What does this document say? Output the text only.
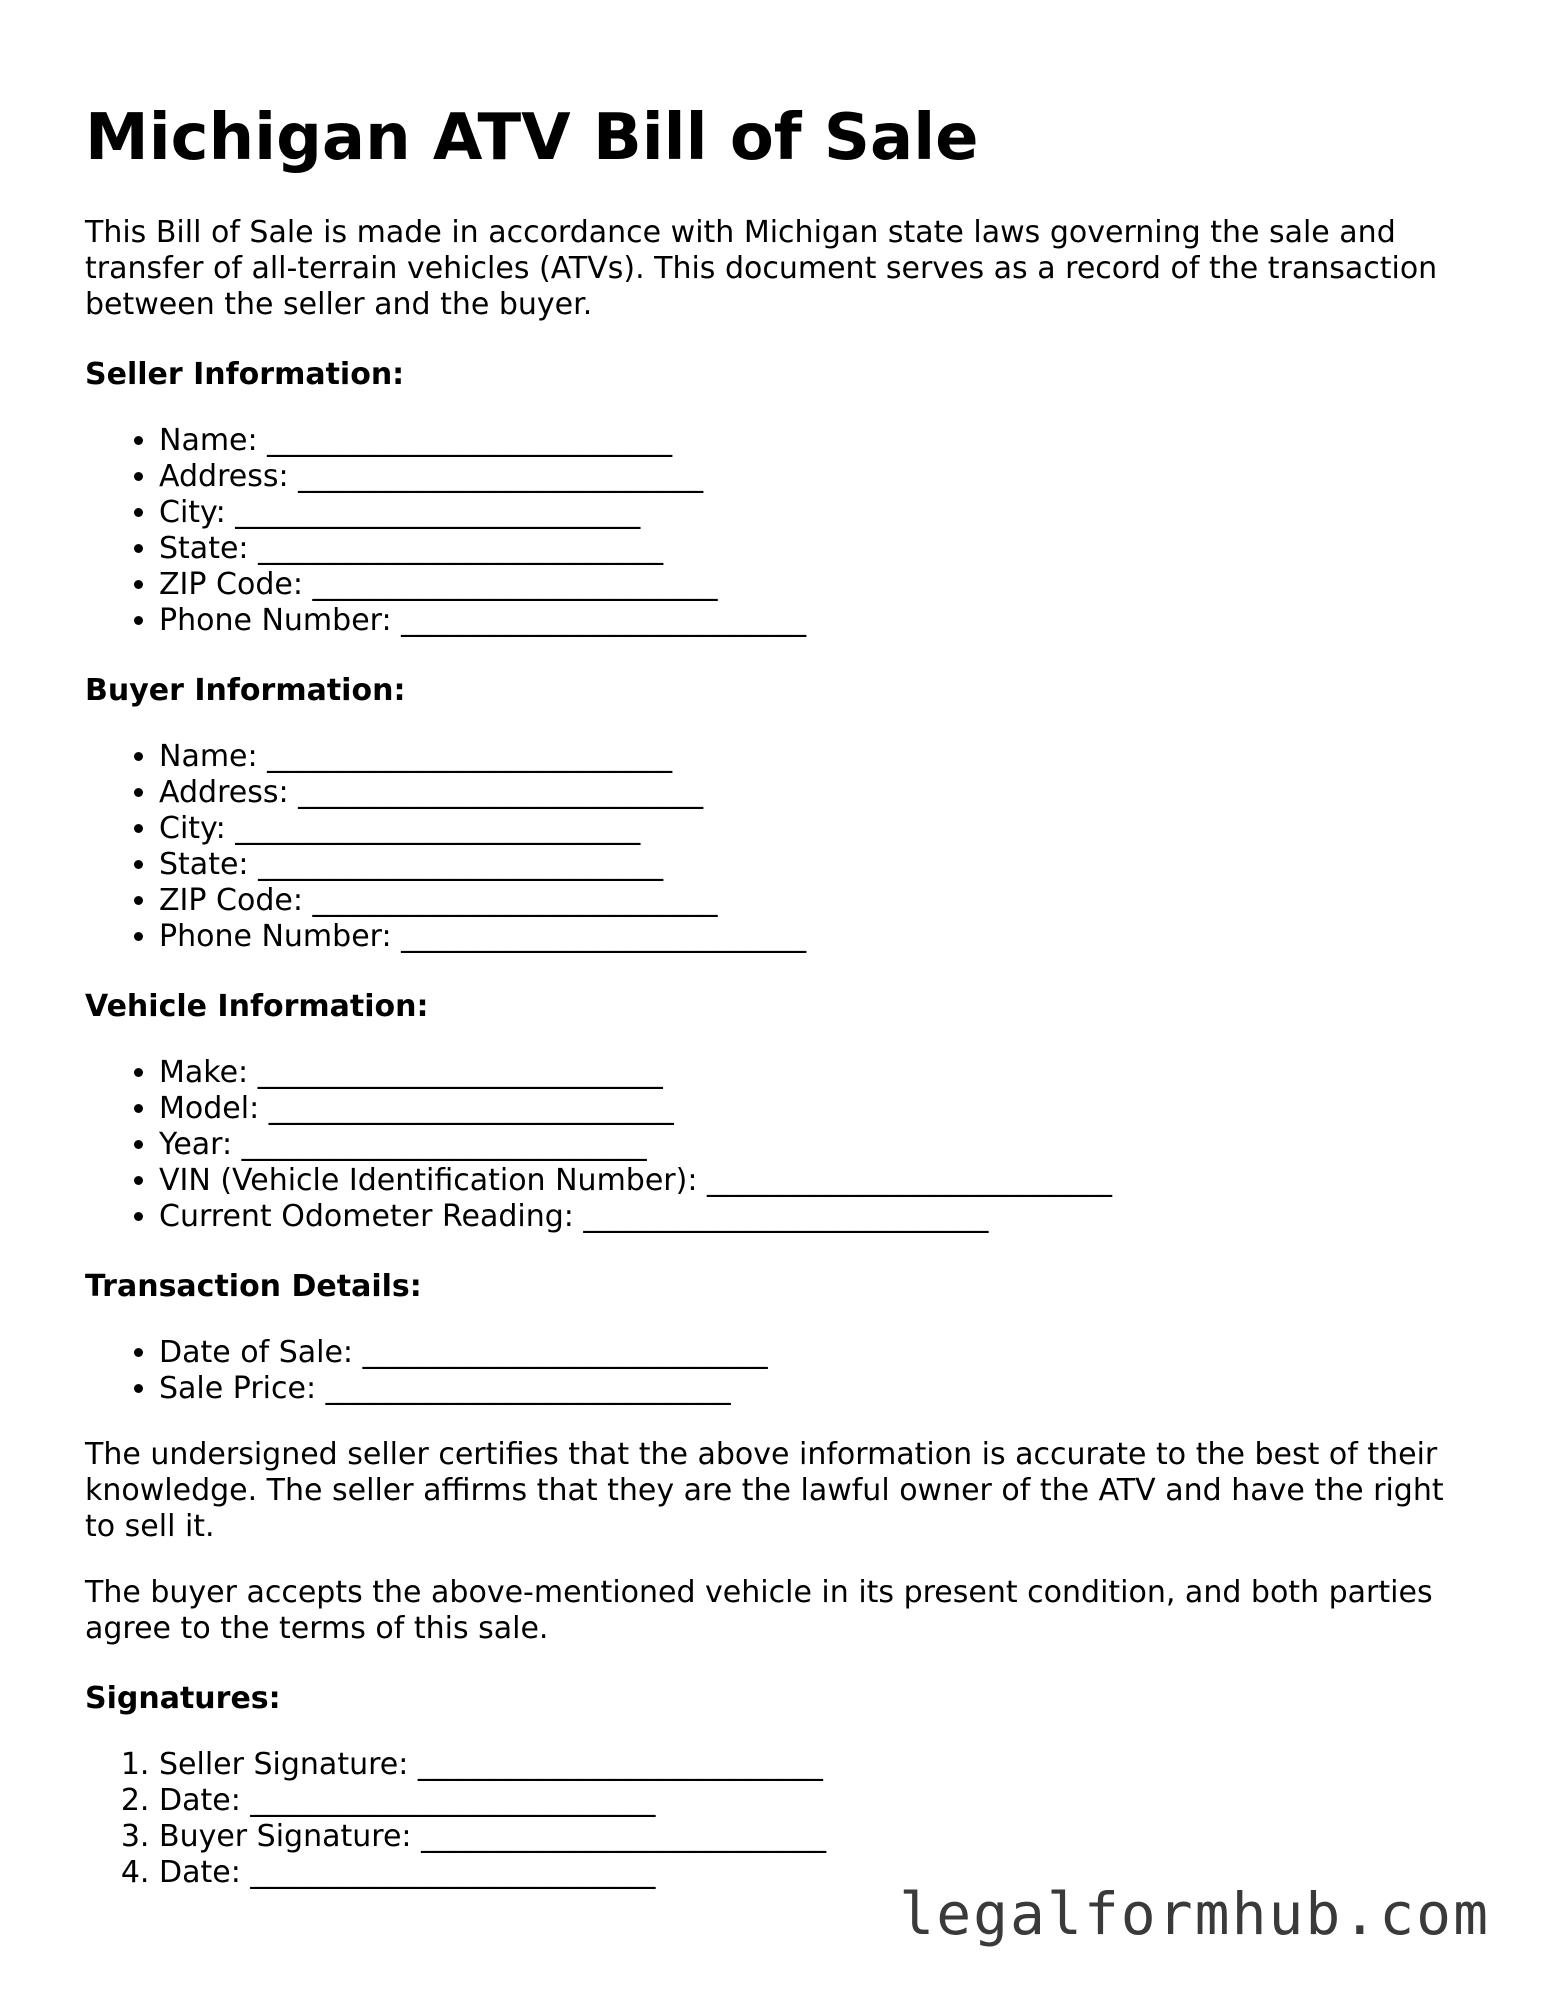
Michigan ATV Bill of Sale

This Bill of Sale is made in accordance with Michigan state laws governing the sale and transfer of all-terrain vehicles (ATVs). This document serves as a record of the transaction between the seller and the buyer.

Seller Information:
• Name: ___________________________
• Address: ___________________________
• City: ___________________________
• State: ___________________________
• ZIP Code: ___________________________
• Phone Number: ___________________________
Buyer Information:
• Name: ___________________________
• Address: ___________________________
• City: ___________________________
• State: ___________________________
• ZIP Code: ___________________________
• Phone Number: ___________________________
Vehicle Information:
• Make: ___________________________
• Model: ___________________________
• Year: ___________________________
• VIN (Vehicle Identification Number): ___________________________
• Current Odometer Reading: ___________________________
Transaction Details:
• Date of Sale: ___________________________
• Sale Price: ___________________________

The undersigned seller certifies that the above information is accurate to the best of their knowledge. The seller affirms that they are the lawful owner of the ATV and have the right to sell it.

The buyer accepts the above-mentioned vehicle in its present condition, and both parties agree to the terms of this sale.

Signatures:
1. Seller Signature: ___________________________
2. Date: ___________________________
3. Buyer Signature: ___________________________
4. Date: ___________________________
legalformhub.com
